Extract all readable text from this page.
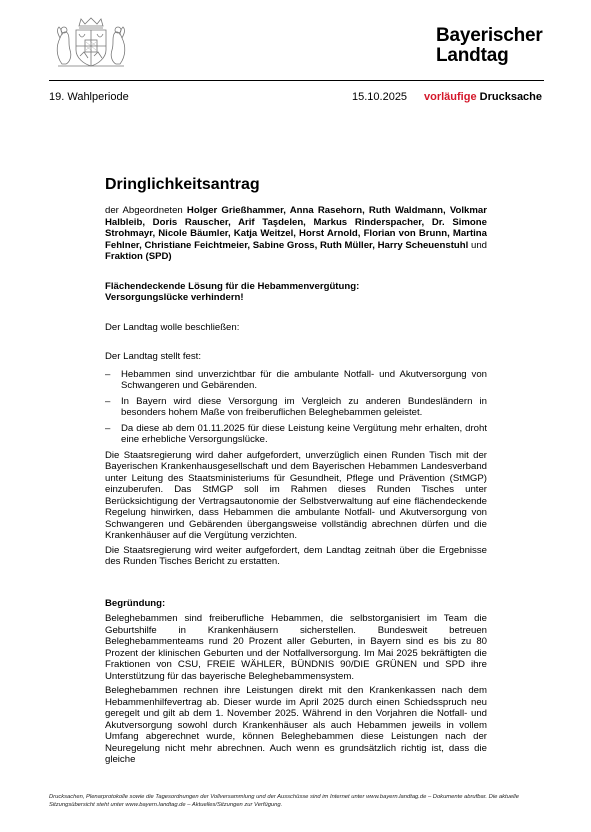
Bayerischer
Landtag
19. Wahlperiode	15.10.2025 vorläufige Drucksache
Dringlichkeitsantrag

der Abgeordneten Holger Grießhammer, Anna Rasehorn, Ruth Waldmann, Volkmar Halbleib, Doris Rauscher, Arif Taşdelen, Markus Rinderspacher, Dr. Simone Strohmayr, Nicole Bäumler, Katja Weitzel, Horst Arnold, Florian von Brunn, Martina Fehlner, Christiane Feichtmeier, Sabine Gross, Ruth Müller, Harry Scheuenstuhl und Fraktion (SPD)

Flächendeckende Lösung für die Hebammenvergütung:

Versorgungslücke verhindern!

Der Landtag wolle beschließen:

Der Landtag stellt fest:

– Hebammen sind unverzichtbar für die ambulante Notfall- und Akutversorgung von Schwangeren und Gebärenden.
– In Bayern wird diese Versorgung im Vergleich zu anderen Bundesländern in besonders hohem Maße von freiberuflichen Beleghebammen geleistet.
– Da diese ab dem 01.11.2025 für diese Leistung keine Vergütung mehr erhalten, droht eine erhebliche Versorgungslücke.

Die Staatsregierung wird daher aufgefordert, unverzüglich einen Runden Tisch mit der Bayerischen Krankenhausgesellschaft und dem Bayerischen Hebammen Landesverband unter Leitung des Staatsministeriums für Gesundheit, Pflege und Prävention (StMGP) einzuberufen. Das StMGP soll im Rahmen dieses Runden Tisches unter Berücksichtigung der Vertragsautonomie der Selbstverwaltung auf eine flächendeckende Regelung hinwirken, dass Hebammen die ambulante Notfall- und Akutversorgung von Schwangeren und Gebärenden übergangsweise vollständig abrechnen dürfen und die Krankenhäuser auf die Vergütung verzichten.

Die Staatsregierung wird weiter aufgefordert, dem Landtag zeitnah über die Ergebnisse des Runden Tisches Bericht zu erstatten.

Begründung:

Beleghebammen sind freiberufliche Hebammen, die selbstorganisiert im Team die Geburtshilfe in Krankenhäusern sicherstellen. Bundesweit betreuen Beleghebammenteams rund 20 Prozent aller Geburten, in Bayern sind es bis zu 80 Prozent der klinischen Geburten und der Notfallversorgung. Im Mai 2025 bekräftigten die Fraktionen von CSU, FREIE WÄHLER, BÜNDNIS 90/DIE GRÜNEN und SPD ihre Unterstützung für das bayerische Beleghebammensystem.

Beleghebammen rechnen ihre Leistungen direkt mit den Krankenkassen nach dem Hebammenhilfevertrag ab. Dieser wurde im April 2025 durch einen Schiedsspruch neu geregelt und gilt ab dem 1. November 2025. Während in den Vorjahren die Notfall- und Akutversorgung sowohl durch Krankenhäuser als auch Hebammen jeweils in vollem Umfang abgerechnet wurde, können Beleghebammen diese Leistungen nach der Neuregelung nicht mehr abrechnen. Auch wenn es grundsätzlich richtig ist, dass die gleiche

Drucksachen, Plenarprotokolle sowie die Tagesordnungen der Vollversammlung und der Ausschüsse sind im Internet unter www.bayern.landtag.de – Dokumente abrufbar. Die aktuelle Sitzungsübersicht steht unter www.bayern.landtag.de – Aktuelles/Sitzungen zur Verfügung.
